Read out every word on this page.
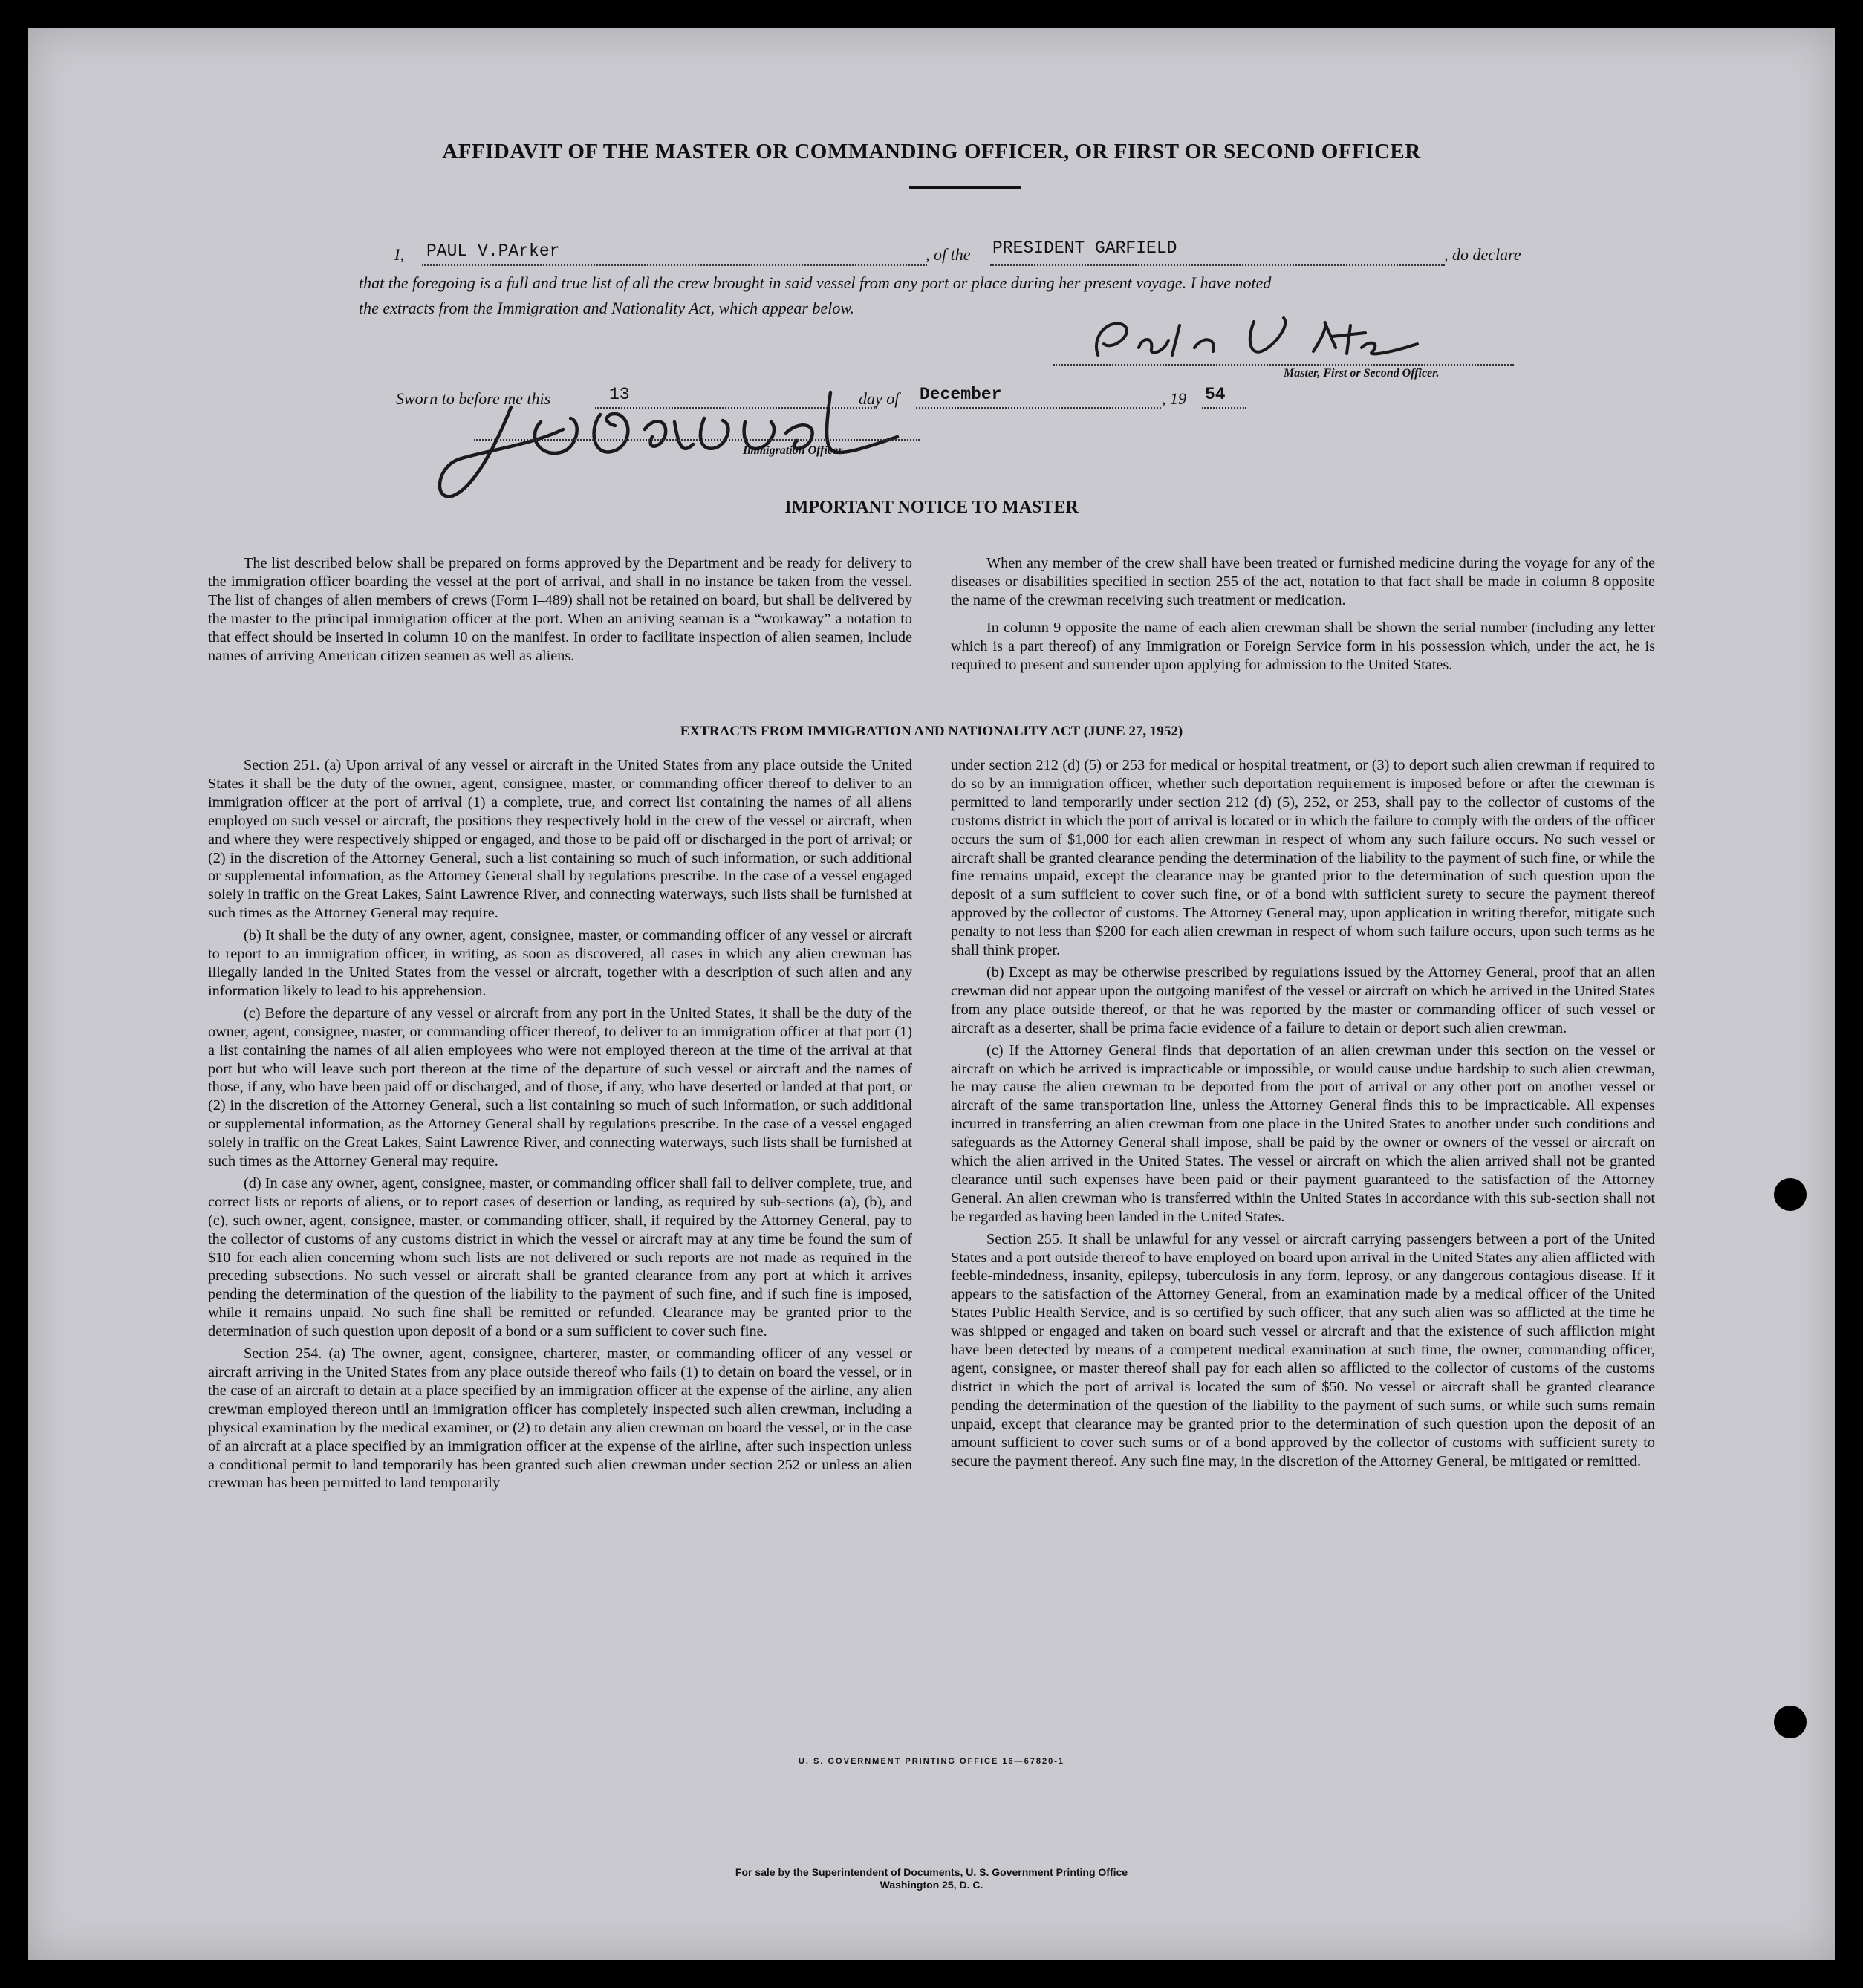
AFFIDAVIT OF THE MASTER OR COMMANDING OFFICER, OR FIRST OR SECOND OFFICER
I, PAUL V.PArker	, of the PRESIDENT GARFIELD	, do declare
that the foregoing is a full and true list of all the crew brought in said vessel from any port or place during her present voyage. I have noted
the extracts from the Immigration and Nationality Act, which appear below.
Master, First or Second Officer.
Sworn to before me this	13	day of December	, 19 54
Immigration Officer.
IMPORTANT NOTICE TO MASTER

The list described below shall be prepared on forms approved by the Department and be ready for delivery to the immigration officer boarding the vessel at the port of arrival, and shall in no instance be taken from the vessel. The list of changes of alien members of crews (Form I–489) shall not be retained on board, but shall be delivered by the master to the principal immigration officer at the port. When an arriving seaman is a “workaway” a notation to that effect should be inserted in column 10 on the manifest. In order to facilitate inspection of alien seamen, include names of arriving American citizen seamen as well as aliens.

When any member of the crew shall have been treated or furnished medicine during the voyage for any of the diseases or disabilities specified in section 255 of the act, notation to that fact shall be made in column 8 opposite the name of the crewman receiving such treatment or medication.

In column 9 opposite the name of each alien crewman shall be shown the serial number (including any letter which is a part thereof) of any Immigration or Foreign Service form in his possession which, under the act, he is required to present and surrender upon applying for admission to the United States.

EXTRACTS FROM IMMIGRATION AND NATIONALITY ACT (JUNE 27, 1952)

Section 251. (a) Upon arrival of any vessel or aircraft in the United States from any place outside the United States it shall be the duty of the owner, agent, consignee, master, or commanding officer thereof to deliver to an immigration officer at the port of arrival (1) a complete, true, and correct list containing the names of all aliens employed on such vessel or aircraft, the positions they respectively hold in the crew of the vessel or aircraft, when and where they were respectively shipped or engaged, and those to be paid off or discharged in the port of arrival; or (2) in the discretion of the Attorney General, such a list containing so much of such information, or such additional or supplemental information, as the Attorney General shall by regulations prescribe. In the case of a vessel engaged solely in traffic on the Great Lakes, Saint Lawrence River, and connecting waterways, such lists shall be furnished at such times as the Attorney General may require.

(b) It shall be the duty of any owner, agent, consignee, master, or commanding officer of any vessel or aircraft to report to an immigration officer, in writing, as soon as discovered, all cases in which any alien crewman has illegally landed in the United States from the vessel or aircraft, together with a description of such alien and any information likely to lead to his apprehension.

(c) Before the departure of any vessel or aircraft from any port in the United States, it shall be the duty of the owner, agent, consignee, master, or commanding officer thereof, to deliver to an immigration officer at that port (1) a list containing the names of all alien employees who were not employed thereon at the time of the arrival at that port but who will leave such port thereon at the time of the departure of such vessel or aircraft and the names of those, if any, who have been paid off or discharged, and of those, if any, who have deserted or landed at that port, or (2) in the discretion of the Attorney General, such a list containing so much of such information, or such additional or supplemental information, as the Attorney General shall by regulations prescribe. In the case of a vessel engaged solely in traffic on the Great Lakes, Saint Lawrence River, and connecting waterways, such lists shall be furnished at such times as the Attorney General may require.

(d) In case any owner, agent, consignee, master, or commanding officer shall fail to deliver complete, true, and correct lists or reports of aliens, or to report cases of desertion or landing, as required by sub-sections (a), (b), and (c), such owner, agent, consignee, master, or commanding officer, shall, if required by the Attorney General, pay to the collector of customs of any customs district in which the vessel or aircraft may at any time be found the sum of $10 for each alien concerning whom such lists are not delivered or such reports are not made as required in the preceding subsections. No such vessel or aircraft shall be granted clearance from any port at which it arrives pending the determination of the question of the liability to the payment of such fine, and if such fine is imposed, while it remains unpaid. No such fine shall be remitted or refunded. Clearance may be granted prior to the determination of such question upon deposit of a bond or a sum sufficient to cover such fine.

Section 254. (a) The owner, agent, consignee, charterer, master, or commanding officer of any vessel or aircraft arriving in the United States from any place outside thereof who fails (1) to detain on board the vessel, or in the case of an aircraft to detain at a place specified by an immigration officer at the expense of the airline, any alien crewman employed thereon until an immigration officer has completely inspected such alien crewman, including a physical examination by the medical examiner, or (2) to detain any alien crewman on board the vessel, or in the case of an aircraft at a place specified by an immigration officer at the expense of the airline, after such inspection unless a conditional permit to land temporarily has been granted such alien crewman under section 252 or unless an alien crewman has been permitted to land temporarily

under section 212 (d) (5) or 253 for medical or hospital treatment, or (3) to deport such alien crewman if required to do so by an immigration officer, whether such deportation requirement is imposed before or after the crewman is permitted to land temporarily under section 212 (d) (5), 252, or 253, shall pay to the collector of customs of the customs district in which the port of arrival is located or in which the failure to comply with the orders of the officer occurs the sum of $1,000 for each alien crewman in respect of whom any such failure occurs. No such vessel or aircraft shall be granted clearance pending the determination of the liability to the payment of such fine, or while the fine remains unpaid, except the clearance may be granted prior to the determination of such question upon the deposit of a sum sufficient to cover such fine, or of a bond with sufficient surety to secure the payment thereof approved by the collector of customs. The Attorney General may, upon application in writing therefor, mitigate such penalty to not less than $200 for each alien crewman in respect of whom such failure occurs, upon such terms as he shall think proper.

(b) Except as may be otherwise prescribed by regulations issued by the Attorney General, proof that an alien crewman did not appear upon the outgoing manifest of the vessel or aircraft on which he arrived in the United States from any place outside thereof, or that he was reported by the master or commanding officer of such vessel or aircraft as a deserter, shall be prima facie evidence of a failure to detain or deport such alien crewman.

(c) If the Attorney General finds that deportation of an alien crewman under this section on the vessel or aircraft on which he arrived is impracticable or impossible, or would cause undue hardship to such alien crewman, he may cause the alien crewman to be deported from the port of arrival or any other port on another vessel or aircraft of the same transportation line, unless the Attorney General finds this to be impracticable. All expenses incurred in transferring an alien crewman from one place in the United States to another under such conditions and safeguards as the Attorney General shall impose, shall be paid by the owner or owners of the vessel or aircraft on which the alien arrived in the United States. The vessel or aircraft on which the alien arrived shall not be granted clearance until such expenses have been paid or their payment guaranteed to the satisfaction of the Attorney General. An alien crewman who is transferred within the United States in accordance with this sub-section shall not be regarded as having been landed in the United States.

Section 255. It shall be unlawful for any vessel or aircraft carrying passengers between a port of the United States and a port outside thereof to have employed on board upon arrival in the United States any alien afflicted with feeble-mindedness, insanity, epilepsy, tuberculosis in any form, leprosy, or any dangerous contagious disease. If it appears to the satisfaction of the Attorney General, from an examination made by a medical officer of the United States Public Health Service, and is so certified by such officer, that any such alien was so afflicted at the time he was shipped or engaged and taken on board such vessel or aircraft and that the existence of such affliction might have been detected by means of a competent medical examination at such time, the owner, commanding officer, agent, consignee, or master thereof shall pay for each alien so afflicted to the collector of customs of the customs district in which the port of arrival is located the sum of $50. No vessel or aircraft shall be granted clearance pending the determination of the question of the liability to the payment of such sums, or while such sums remain unpaid, except that clearance may be granted prior to the determination of such question upon the deposit of an amount sufficient to cover such sums or of a bond approved by the collector of customs with sufficient surety to secure the payment thereof. Any such fine may, in the discretion of the Attorney General, be mitigated or remitted.

U. S. GOVERNMENT PRINTING OFFICE 16—67820-1
For sale by the Superintendent of Documents, U. S. Government Printing Office
Washington 25, D. C.
